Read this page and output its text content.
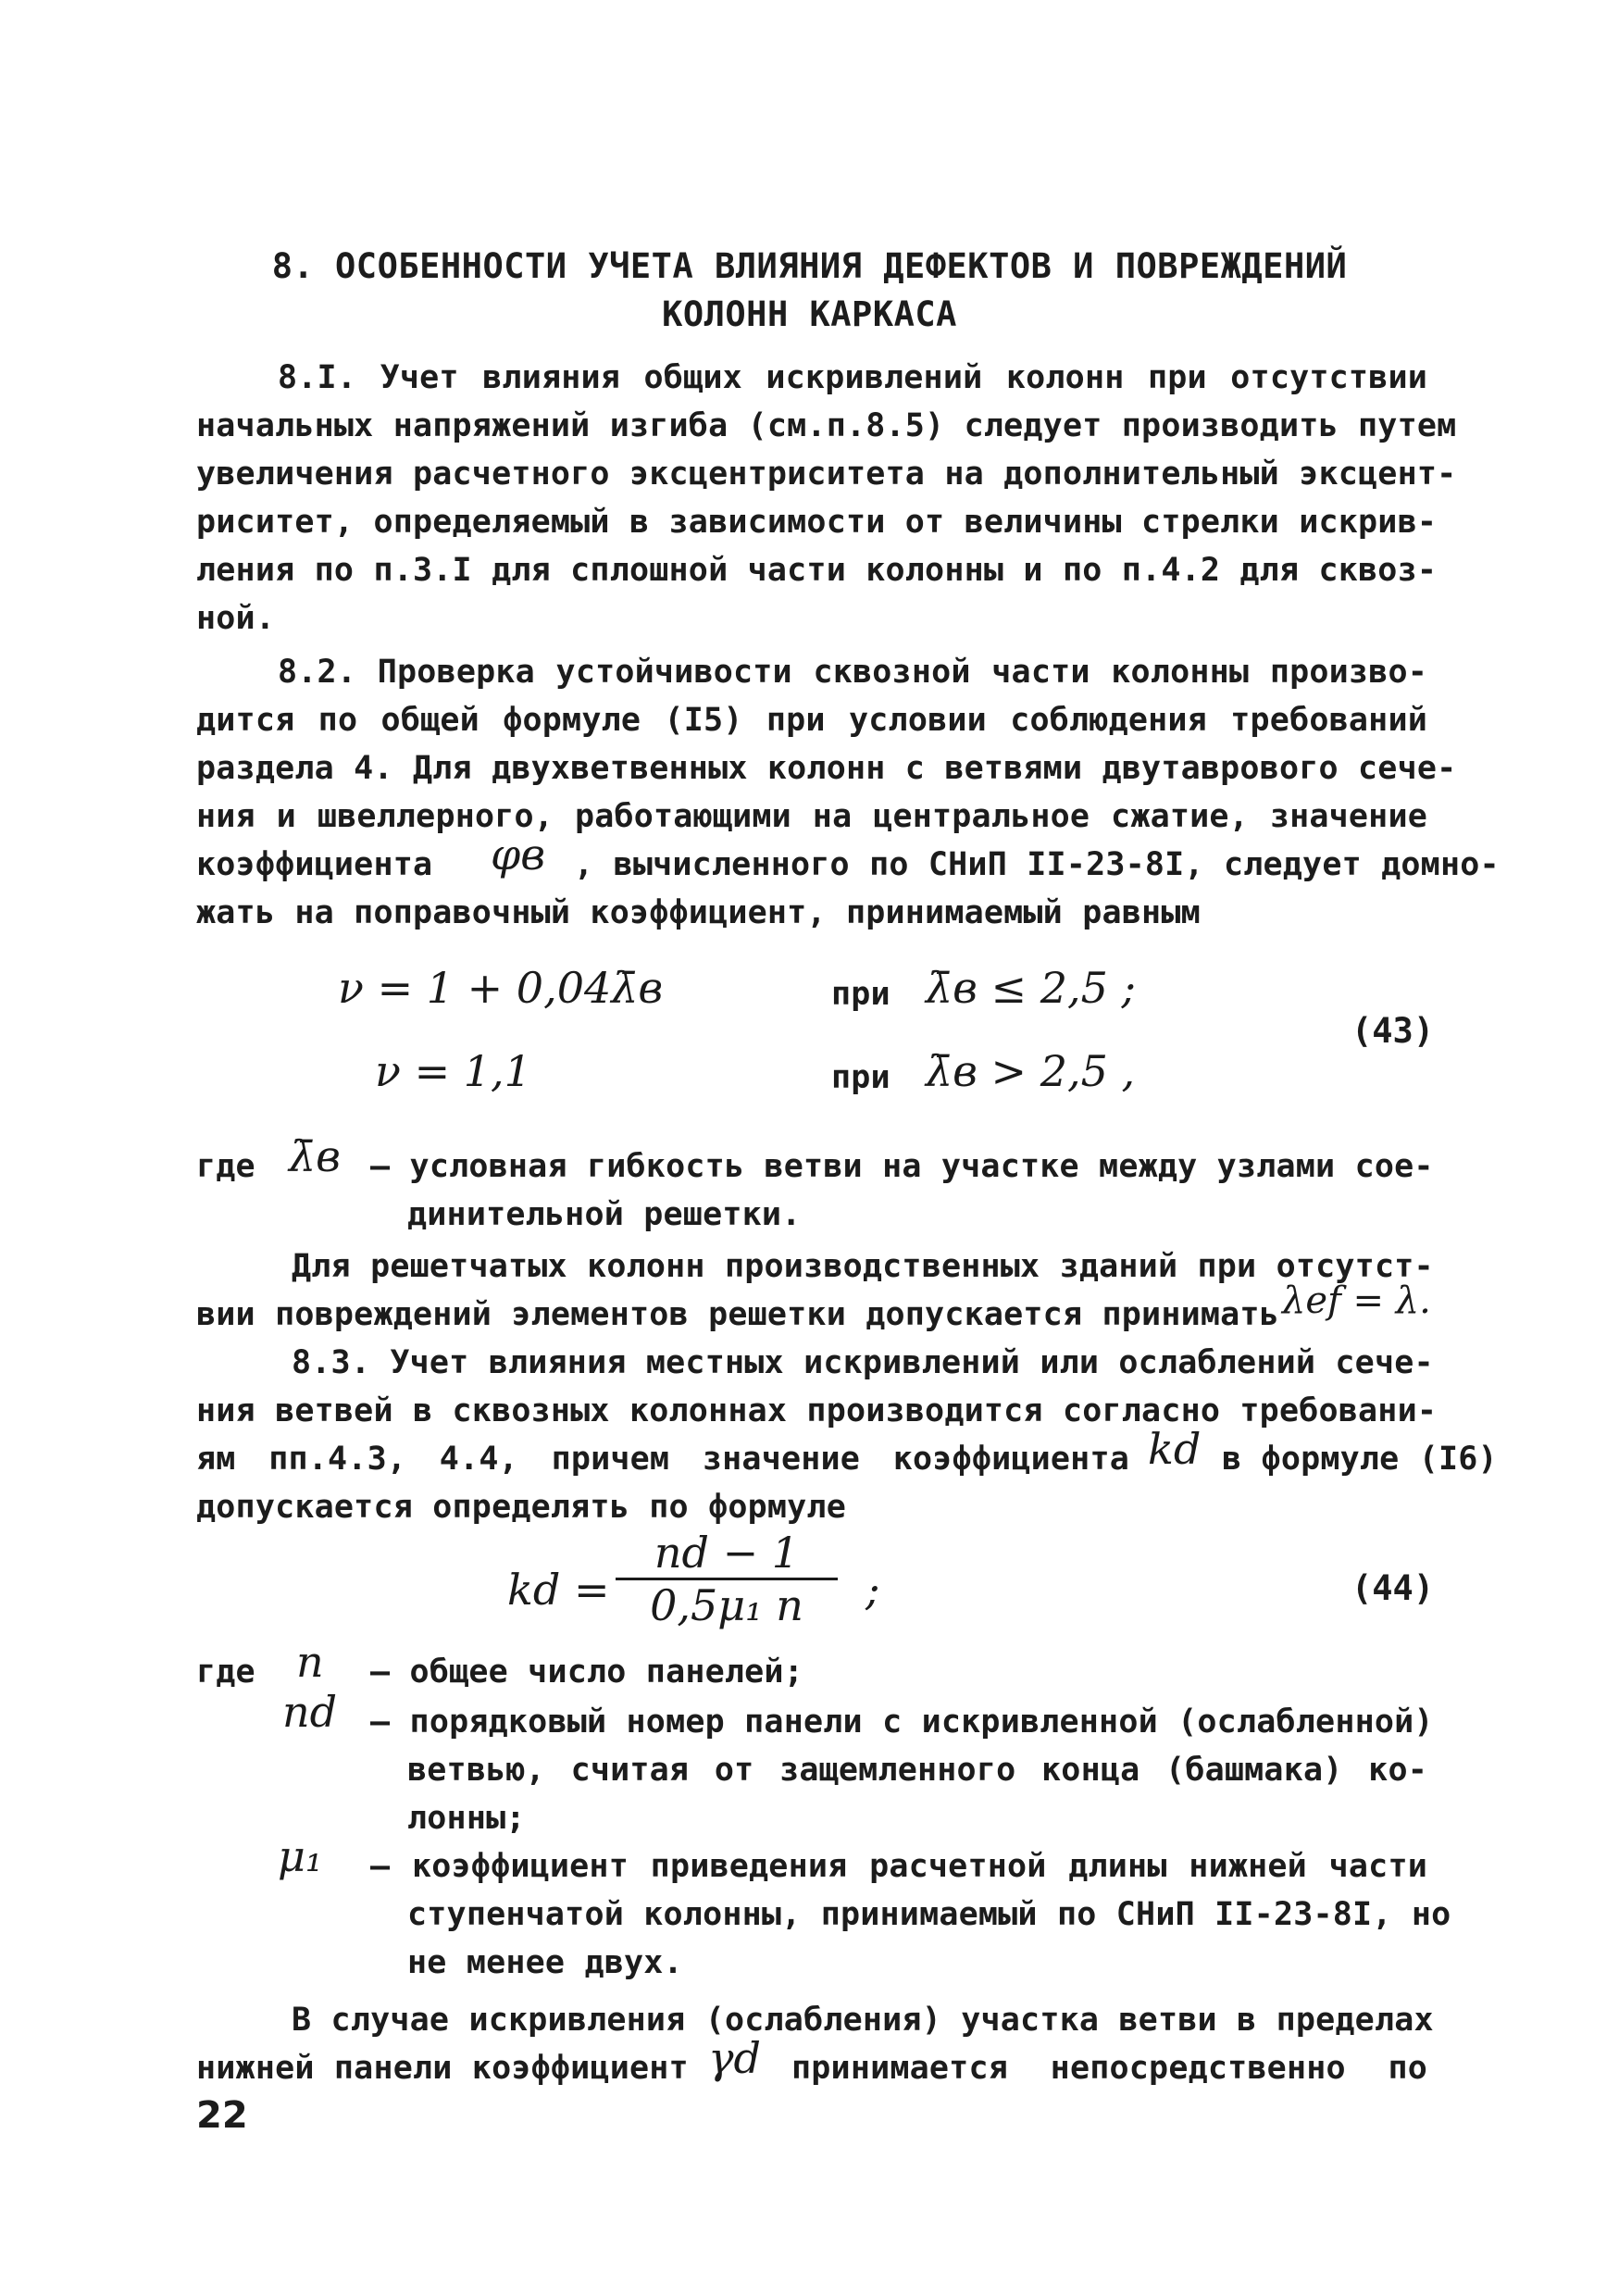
8. ОСОБЕННОСТИ УЧЕТА ВЛИЯНИЯ ДЕФЕКТОВ И ПОВРЕЖДЕНИЙ
КОЛОНН КАРКАСА
8.I. Учет влияния общих искривлений колонн при отсутствии
начальных напряжений изгиба (см.п.8.5) следует производить путем
увеличения расчетного эксцентриситета на дополнительный эксцент-
риситет, определяемый в зависимости от величины стрелки искрив-
ления по п.3.I для сплошной части колонны и по п.4.2 для сквоз-
ной.
8.2. Проверка устойчивости сквозной части колонны произво-
дится по общей формуле (I5) при условии соблюдения требований
раздела 4. Для двухветвенных колонн с ветвями двутаврового сече-
ния и швеллерного, работающими на центральное сжатие, значение
коэффициента	φв , вычисленного по СНиП II-23-8I, следует домно-
жать на поправочный коэффициент, принимаемый равным
ν = 1 + 0,04λ̄в	при λ̄в ≤ 2,5 ;
ν = 1,1	при λ̄в > 2,5 ,
(43)
где λ̄в – условная гибкость ветви на участке между узлами сое-
динительной решетки.
Для решетчатых колонн производственных зданий при отсутст-
вии повреждений элементов решетки допускается принимать λef = λ.
8.3. Учет влияния местных искривлений или ослаблений сече-
ния ветвей в сквозных колоннах производится согласно требовани-
ям пп.4.3, 4.4, причем значение коэффициента kd в формуле (I6)
допускается определять по формуле
kd =
nd − 1
0,5μ₁ n	;	(44)
где n – общее число панелей;
nd – порядковый номер панели с искривленной (ослабленной)
ветвью, считая от защемленного конца (башмака) ко-
лонны;
μ₁ – коэффициент приведения расчетной длины нижней части
ступенчатой колонны, принимаемый по СНиП II-23-8I, но
не менее двух.
В случае искривления (ослабления) участка ветви в пределах
нижней панели коэффициент γd принимается непосредственно по
22
